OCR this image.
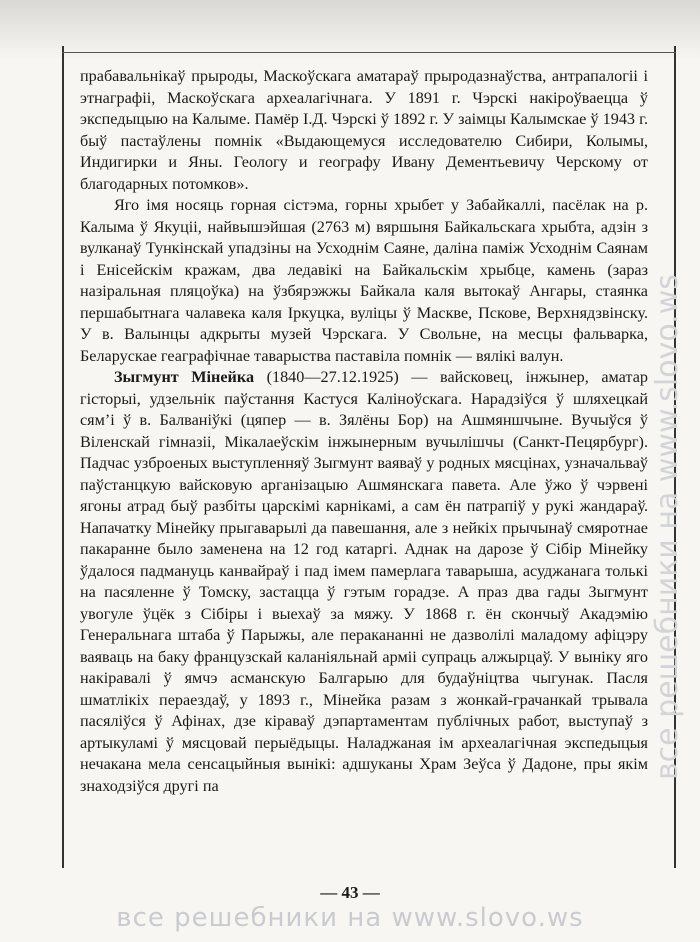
прабавальнікаў прыроды, Маскоўскага аматараў прыродазнаўства, антрапалогіі і этнаграфіі, Маскоўскага археалагічнага. У 1891 г. Чэрскі накіроўваецца ў экспедыцыю на Калыме. Памёр І.Д. Чэрскі ў 1892 г. У заімцы Калымскае ў 1943 г. быў пастаўлены помнік «Выдающемуся исследователю Сибири, Колымы, Индигирки и Яны. Геологу и географу Ивану Дементьевичу Черскому от благодарных потомков».

Яго імя носяць горная сістэма, горны хрыбет у Забайкаллі, пасёлак на р. Калыма ў Якуціі, найвышэйшая (2763 м) вяршыня Байкальскага хрыбта, адзін з вулканаў Тункінскай упадзіны на Усходнім Саяне, даліна паміж Усходнім Саянам і Енісейскім кражам, два ледавікі на Байкальскім хрыбце, камень (зараз назіральная пляцоўка) на ўзбярэжжы Байкала каля вытокаў Ангары, стаянка першабытнага чалавека каля Іркуцка, вуліцы ў Маскве, Пскове, Верхнядзвінску. У в. Валынцы адкрыты музей Чэрскага. У Свольне, на месцы фальварка, Беларускае геаграфічнае таварыства паставіла помнік — вялікі валун.

Зыгмунт Мінейка (1840—27.12.1925) — вайсковец, інжынер, аматар гісторыі, удзельнік паўстання Кастуся Каліноўскага. Нарадзіўся ў шляхецкай сям’і ў в. Балваніўкі (цяпер — в. Зялёны Бор) на Ашмяншчыне. Вучыўся ў Віленскай гімназіі, Мікалаеўскім інжынерным вучылішчы (Санкт-Пецярбург). Падчас узброеных выступленняў Зыгмунт ваяваў у родных мясцінах, узначальваў паўстанцкую вайсковую арганізацыю Ашмянскага павета. Але ўжо ў чэрвені ягоны атрад быў разбіты царскімі карнікамі, а сам ён патрапіў у рукі жандараў. Напачатку Мінейку прыгаварылі да павешання, але з нейкіх прычынаў смяротнае пакаранне было заменена на 12 год катаргі. Аднак на дарозе ў Сібір Мінейку ўдалося падмануць канвайраў і пад імем памерлага таварыша, асуджанага толькі на пасяленне ў Томску, застацца ў гэтым горадзе. А праз два гады Зыгмунт увогуле ўцёк з Сібіры і выехаў за мяжу. У 1868 г. ён скончыў Акадэмію Генеральнага штаба ў Парыжы, але перакананні не дазволілі маладому афіцэру ваяваць на баку французскай каланіяльнай арміі супраць алжырцаў. У выніку яго накіравалі ў ямчэ асманскую Балгарыю для будаўніцтва чыгунак. Пасля шматлікіх пераездаў, у 1893 г., Мінейка разам з жонкай-грачанкай трывала пасяліўся ў Афінах, дзе кіраваў дэпартаментам публічных работ, выступаў з артыкуламі ў мясцовай перыёдыцы. Наладжаная ім археалагічная экспедыцыя нечакана мела сенсацыйныя вынікі: адшуканы Храм Зеўса ў Дадоне, пры якім знаходзіўся другі па

— 43 —
все решебники на www.slovo.ws
все решебники на www.slovo.ws
